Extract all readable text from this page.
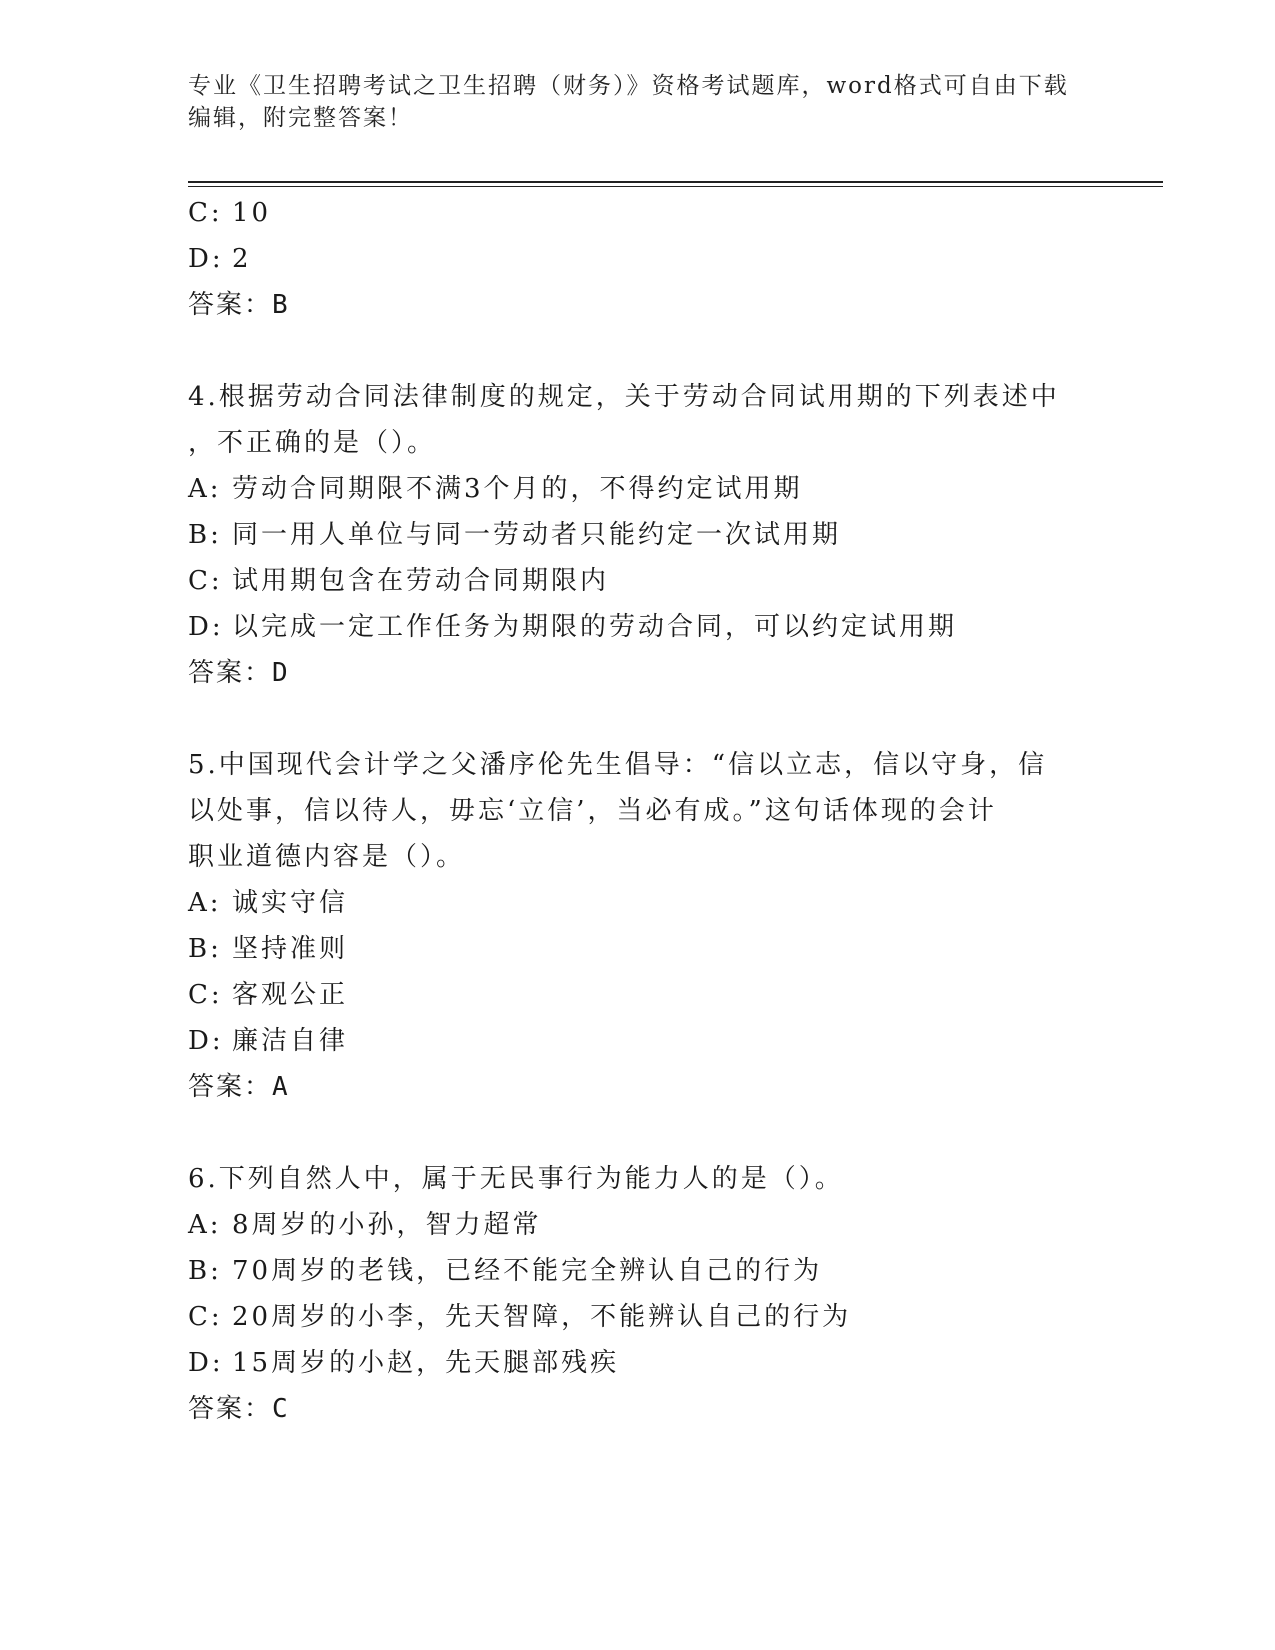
专业《卫生招聘考试之卫生招聘（财务）》资格考试题库，word格式可自由下载
编辑，附完整答案！
C: 10
D: 2
答案：B
4.根据劳动合同法律制度的规定，关于劳动合同试用期的下列表述中
，不正确的是（）。
A: 劳动合同期限不满3个月的，不得约定试用期
B: 同一用人单位与同一劳动者只能约定一次试用期
C: 试用期包含在劳动合同期限内
D: 以完成一定工作任务为期限的劳动合同，可以约定试用期
答案：D
5.中国现代会计学之父潘序伦先生倡导：“信以立志，信以守身，信
以处事，信以待人，毋忘‘立信’，当必有成。”这句话体现的会计
职业道德内容是（）。
A: 诚实守信
B: 坚持准则
C: 客观公正
D: 廉洁自律
答案：A
6.下列自然人中，属于无民事行为能力人的是（）。
A: 8周岁的小孙，智力超常
B: 70周岁的老钱，已经不能完全辨认自己的行为
C: 20周岁的小李，先天智障，不能辨认自己的行为
D: 15周岁的小赵，先天腿部残疾
答案：C
